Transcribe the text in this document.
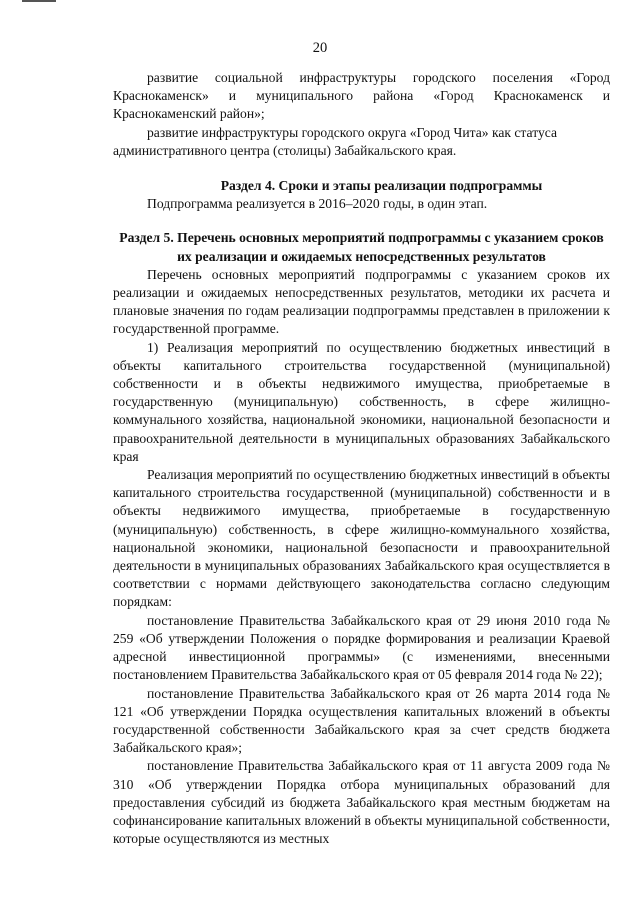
20

развитие социальной инфраструктуры городского поселения «Город Краснокаменск» и муниципального района «Город Краснокаменск и Краснокаменский район»;

развитие инфраструктуры городского округа «Город Чита» как статуса административного центра (столицы) Забайкальского края.

Раздел 4. Сроки и этапы реализации подпрограммы

Подпрограмма реализуется в 2016–2020 годы, в один этап.

Раздел 5. Перечень основных мероприятий подпрограммы с указанием сроков их реализации и ожидаемых непосредственных результатов

Перечень основных мероприятий подпрограммы с указанием сроков их реализации и ожидаемых непосредственных результатов, методики их расчета и плановые значения по годам реализации подпрограммы представлен в приложении к государственной программе.

1) Реализация мероприятий по осуществлению бюджетных инвестиций в объекты капитального строительства государственной (муниципальной) собственности и в объекты недвижимого имущества, приобретаемые в государственную (муниципальную) собственность, в сфере жилищно-коммунального хозяйства, национальной экономики, национальной безопасности и правоохранительной деятельности в муниципальных образованиях Забайкальского края

Реализация мероприятий по осуществлению бюджетных инвестиций в объекты капитального строительства государственной (муниципальной) собственности и в объекты недвижимого имущества, приобретаемые в государственную (муниципальную) собственность, в сфере жилищно-коммунального хозяйства, национальной экономики, национальной безопасности и правоохранительной деятельности в муниципальных образованиях Забайкальского края осуществляется в соответствии с нормами действующего законодательства согласно следующим порядкам:

постановление Правительства Забайкальского края от 29 июня 2010 года № 259 «Об утверждении Положения о порядке формирования и реализации Краевой адресной инвестиционной программы» (с изменениями, внесенными постановлением Правительства Забайкальского края от 05 февраля 2014 года № 22);

постановление Правительства Забайкальского края от 26 марта 2014 года № 121 «Об утверждении Порядка осуществления капитальных вложений в объекты государственной собственности Забайкальского края за счет средств бюджета Забайкальского края»;

постановление Правительства Забайкальского края от 11 августа 2009 года № 310 «Об утверждении Порядка отбора муниципальных образований для предоставления субсидий из бюджета Забайкальского края местным бюджетам на софинансирование капитальных вложений в объекты муниципальной собственности, которые осуществляются из местных
